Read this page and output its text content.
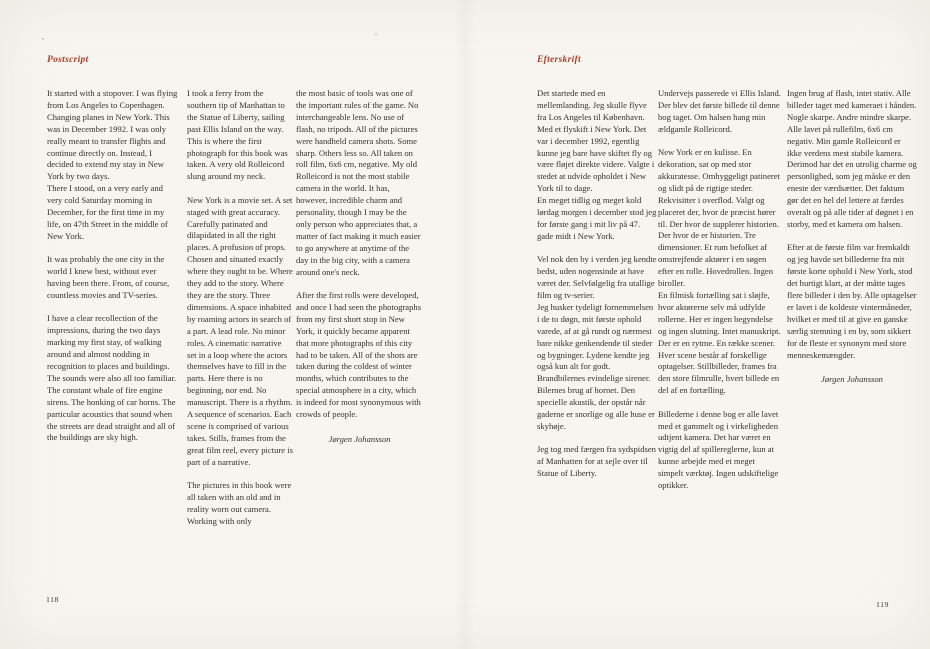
Postscript

It started with a stopover. I was flying from Los Angeles to Copenhagen. Changing planes in New York. This was in December 1992. I was only really meant to transfer flights and continue directly on. Instead, I decided to extend my stay in New York by two days.

There I stood, on a very early and very cold Saturday morning in December, for the first time in my life, on 47th Street in the middle of New York.

It was probably the one city in the world I knew best, without ever having been there. From, of course, countless movies and TV-series.

I have a clear recollection of the impressions, during the two days marking my first stay, of walking around and almost nodding in recognition to places and buildings. The sounds were also all too familiar. The constant whale of fire engine sirens. The honking of car horns. The particular acoustics that sound when the streets are dead straight and all of the buildings are sky high.

I took a ferry from the southern tip of Manhattan to the Statue of Liberty, sailing past Ellis Island on the way. This is where the first photograph for this book was taken. A very old Rolleicord slung around my neck.

New York is a movie set. A set staged with great accuracy. Carefully patinated and dilapidated in all the right places. A profusion of props. Chosen and situated exactly where they ought to be. Where they add to the story. Where they are the story. Three dimensions. A space inhabited by roaming actors in search of a part. A lead role. No minor roles. A cinematic narrative set in a loop where the actors themselves have to fill in the parts. Here there is no beginning, nor end. No manuscript. There is a rhythm. A sequence of scenarios. Each scene is comprised of various takes. Stills, frames from the great film reel, every picture is part of a narrative.

The pictures in this book were all taken with an old and in reality worn out camera. Working with only

the most basic of tools was one of the important rules of the game. No interchangeable lens. No use of flash, no tripods. All of the pictures were handheld camera shots. Some sharp. Others less so. All taken on roll film, 6x6 cm, negative. My old Rolleicord is not the most stabile camera in the world. It has, however, incredible charm and personality, though I may be the only person who appreciates that, a matter of fact making it much easier to go anywhere at anytime of the day in the big city, with a camera around one's neck.

After the first rolls were developed, and once I had seen the photographs from my first short stop in New York, it quickly became apparent that more photographs of this city had to be taken. All of the shots are taken during the coldest of winter months, which contributes to the special atmosphere in a city, which is indeed for most synonymous with crowds of people.

Jørgen Johansson

118
Efterskrift

Det startede med en mellemlanding. Jeg skulle flyve fra Los Angeles til København. Med et flyskift i New York. Det var i december 1992, egentlig kunne jeg bare have skiftet fly og være fløjet direkte videre. Valgte i stedet at udvide opholdet i New York til to dage.

En meget tidlig og meget kold lørdag morgen i december stod jeg for første gang i mit liv på 47. gade midt i New York.

Vel nok den by i verden jeg kendte bedst, uden nogensinde at have været der. Selvfølgelig fra utallige film og tv-serier.

Jeg husker tydeligt fornemmelsen i de to døgn, mit første ophold varede, af at gå rundt og nærmest bare nikke genkendende til steder og bygninger. Lydene kendte jeg også kun alt for godt. Brandbilernes evindelige sirener. Bilernes brug af hornet. Den specielle akustik, der opstår når gaderne er snorlige og alle huse er skyhøje.

Jeg tog med færgen fra sydspidsen af Manhatten for at sejle over til Statue of Liberty.

Undervejs passerede vi Ellis Island. Der blev det første billede til denne bog taget. Om halsen hang min ældgamle Rolleicord.

New York er en kulisse. En dekoration, sat op med stor akkuratesse. Omhyggeligt patineret og slidt på de rigtige steder. Rekvisitter i overflod. Valgt og placeret der, hvor de præcist hører til. Der hvor de supplerer historien. Der hvor de er historien. Tre dimensioner. Et rum befolket af omstrejfende aktører i en søgen efter en rolle. Hovedrollen. Ingen biroller.

En filmisk fortælling sat i sløjfe, hvor aktørerne selv må udfylde rollerne. Her er ingen begyndelse og ingen slutning. Intet manuskript. Der er en rytme. En række scener. Hver scene består af forskellige optagelser. Stillbilleder, frames fra den store filmrulle, hvert billede en del af en fortælling.

Billederne i denne bog er alle lavet med et gammelt og i virkeligheden udtjent kamera. Det har været en vigtig del af spillereglerne, kun at kunne arbejde med et meget simpelt værktøj. Ingen udskiftelige optikker.

Ingen brug af flash, intet stativ. Alle billeder taget med kameraet i hånden. Nogle skarpe. Andre mindre skarpe. Alle lavet på rullefilm, 6x6 cm negativ. Min gamle Rolleicord er ikke verdens mest stabile kamera. Derimod har det en utrolig charme og personlighed, som jeg måske er den eneste der værdsætter. Det faktum gør det en hel del lettere at færdes overalt og på alle tider af døgnet i en storby, med et kamera om halsen.

Efter at de første film var fremkaldt og jeg havde set billederne fra mit første korte ophold i New York, stod det hurtigt klart, at der måtte tages flere billeder i den by. Alle optagelser er lavet i de koldeste vintermåneder, hvilket er med til at give en ganske særlig stemning i en by, som sikkert for de fleste er synonym med store menneskemængder.

Jørgen Johansson

119
